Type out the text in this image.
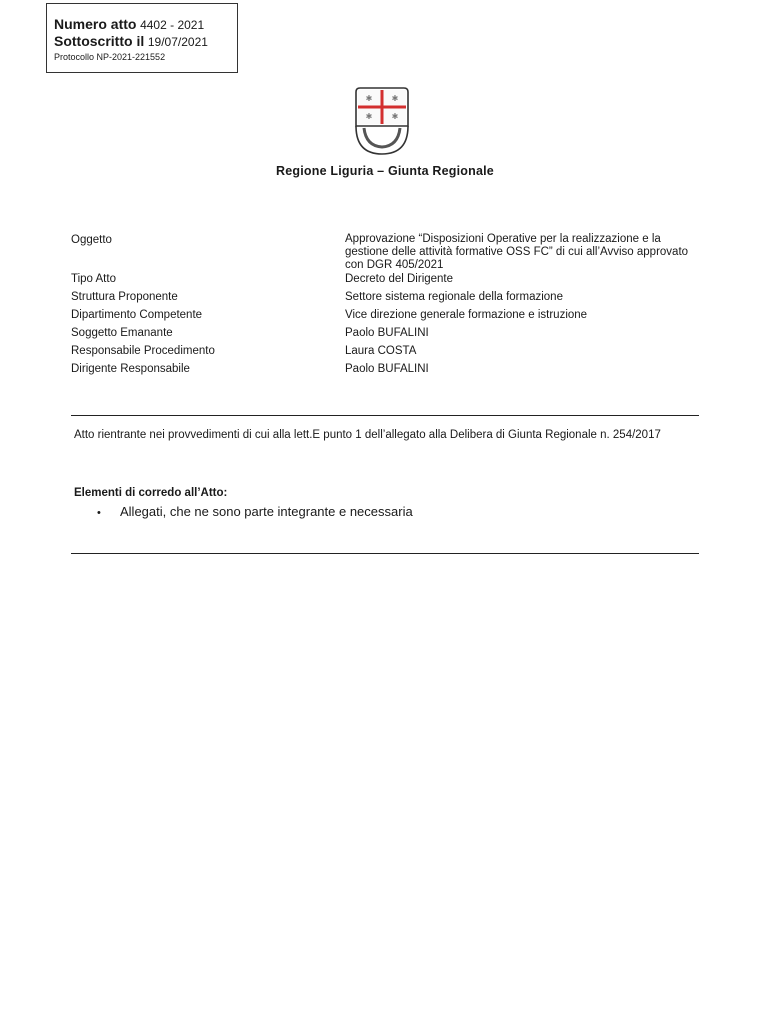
Numero atto 4402 - 2021
Sottoscritto il 19/07/2021
Protocollo NP-2021-221552
✱ ✱
✱ ✱
Regione Liguria – Giunta Regionale
Oggetto	Approvazione “Disposizioni Operative per la realizzazione e la gestione delle attività formative OSS FC” di cui all’Avviso approvato con DGR 405/2021
Tipo Atto	Decreto del Dirigente
Struttura Proponente	Settore sistema regionale della formazione
Dipartimento Competente	Vice direzione generale formazione e istruzione
Soggetto Emanante	Paolo BUFALINI
Responsabile Procedimento	Laura COSTA
Dirigente Responsabile	Paolo BUFALINI
Atto rientrante nei provvedimenti di cui alla lett.E punto 1 dell’allegato alla Delibera di Giunta Regionale n. 254/2017
Elementi di corredo all’Atto:
• Allegati, che ne sono parte integrante e necessaria
